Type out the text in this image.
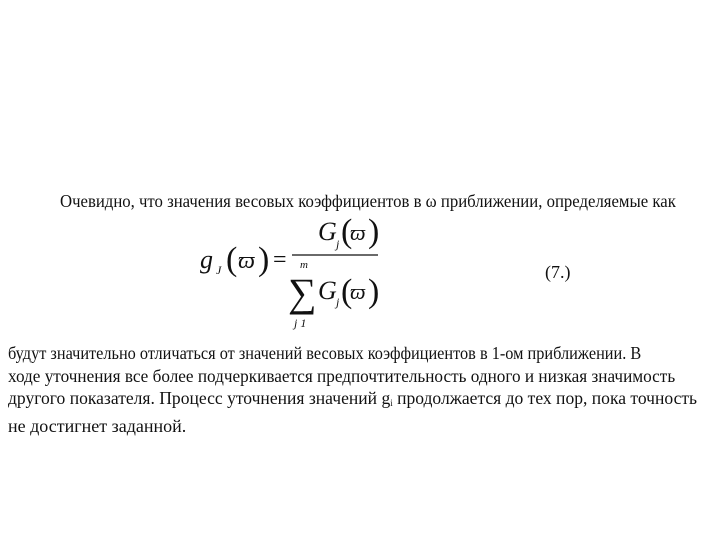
Очевидно, что значения весовых коэффициентов в ω приближении, определяемые как
g J ( ϖ ) =
G j (
ϖ )
m
∑
j 1
G j (
ϖ )
(7.)
будут значительно отличаться от значений весовых коэффициентов в 1-ом приближении. В
ходе уточнения все более подчеркивается предпочтительность одного и низкая значимость
другого показателя. Процесс уточнения значений gi продолжается до тех пор, пока точность
не достигнет заданной.
